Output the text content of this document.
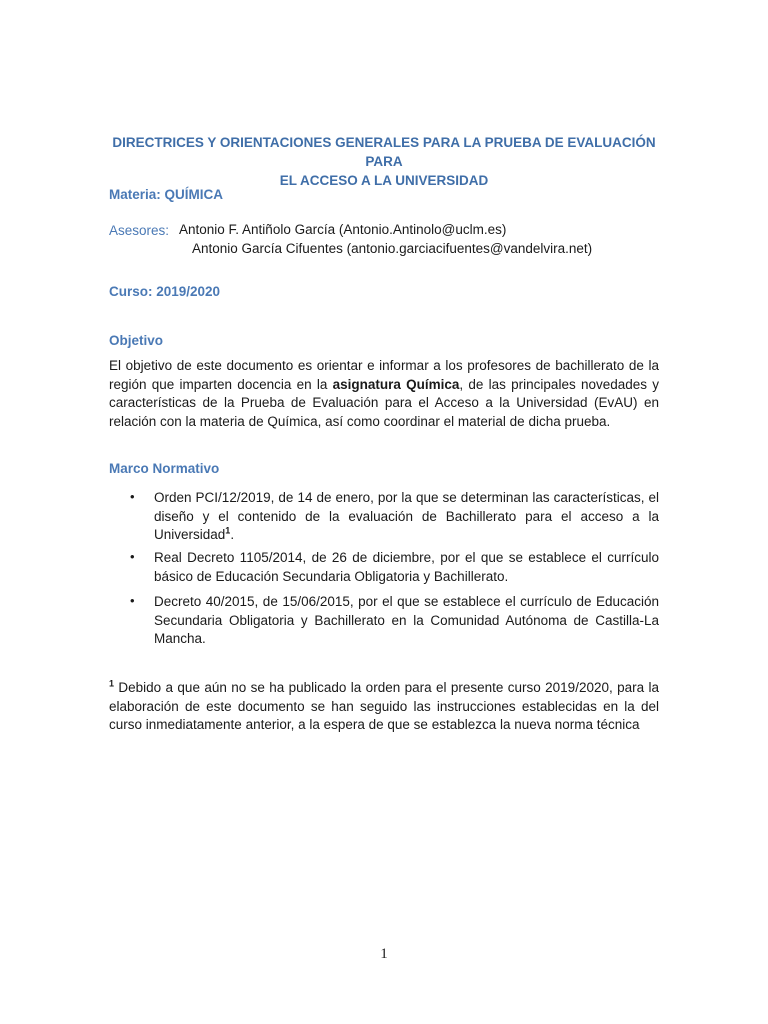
DIRECTRICES Y ORIENTACIONES GENERALES PARA LA PRUEBA DE EVALUACIÓN PARA
EL ACCESO A LA UNIVERSIDAD
Materia: QUÍMICA
Asesores: Antonio F. Antiñolo García (Antonio.Antinolo@uclm.es)
Antonio García Cifuentes (antonio.garciacifuentes@vandelvira.net)
Curso: 2019/2020
Objetivo
El objetivo de este documento es orientar e informar a los profesores de bachillerato de la región que imparten docencia en la asignatura Química, de las principales novedades y características de la Prueba de Evaluación para el Acceso a la Universidad (EvAU) en relación con la materia de Química, así como coordinar el material de dicha prueba.
Marco Normativo
• Orden PCI/12/2019, de 14 de enero, por la que se determinan las características, el diseño y el contenido de la evaluación de Bachillerato para el acceso a la Universidad$^1$.
• Real Decreto 1105/2014, de 26 de diciembre, por el que se establece el currículo básico de Educación Secundaria Obligatoria y Bachillerato.
• Decreto 40/2015, de 15/06/2015, por el que se establece el currículo de Educación Secundaria Obligatoria y Bachillerato en la Comunidad Autónoma de Castilla-La Mancha.
$^1$ Debido a que aún no se ha publicado la orden para el presente curso 2019/2020, para la elaboración de este documento se han seguido las instrucciones establecidas en la del curso inmediatamente anterior, a la espera de que se establezca la nueva norma técnica
1
